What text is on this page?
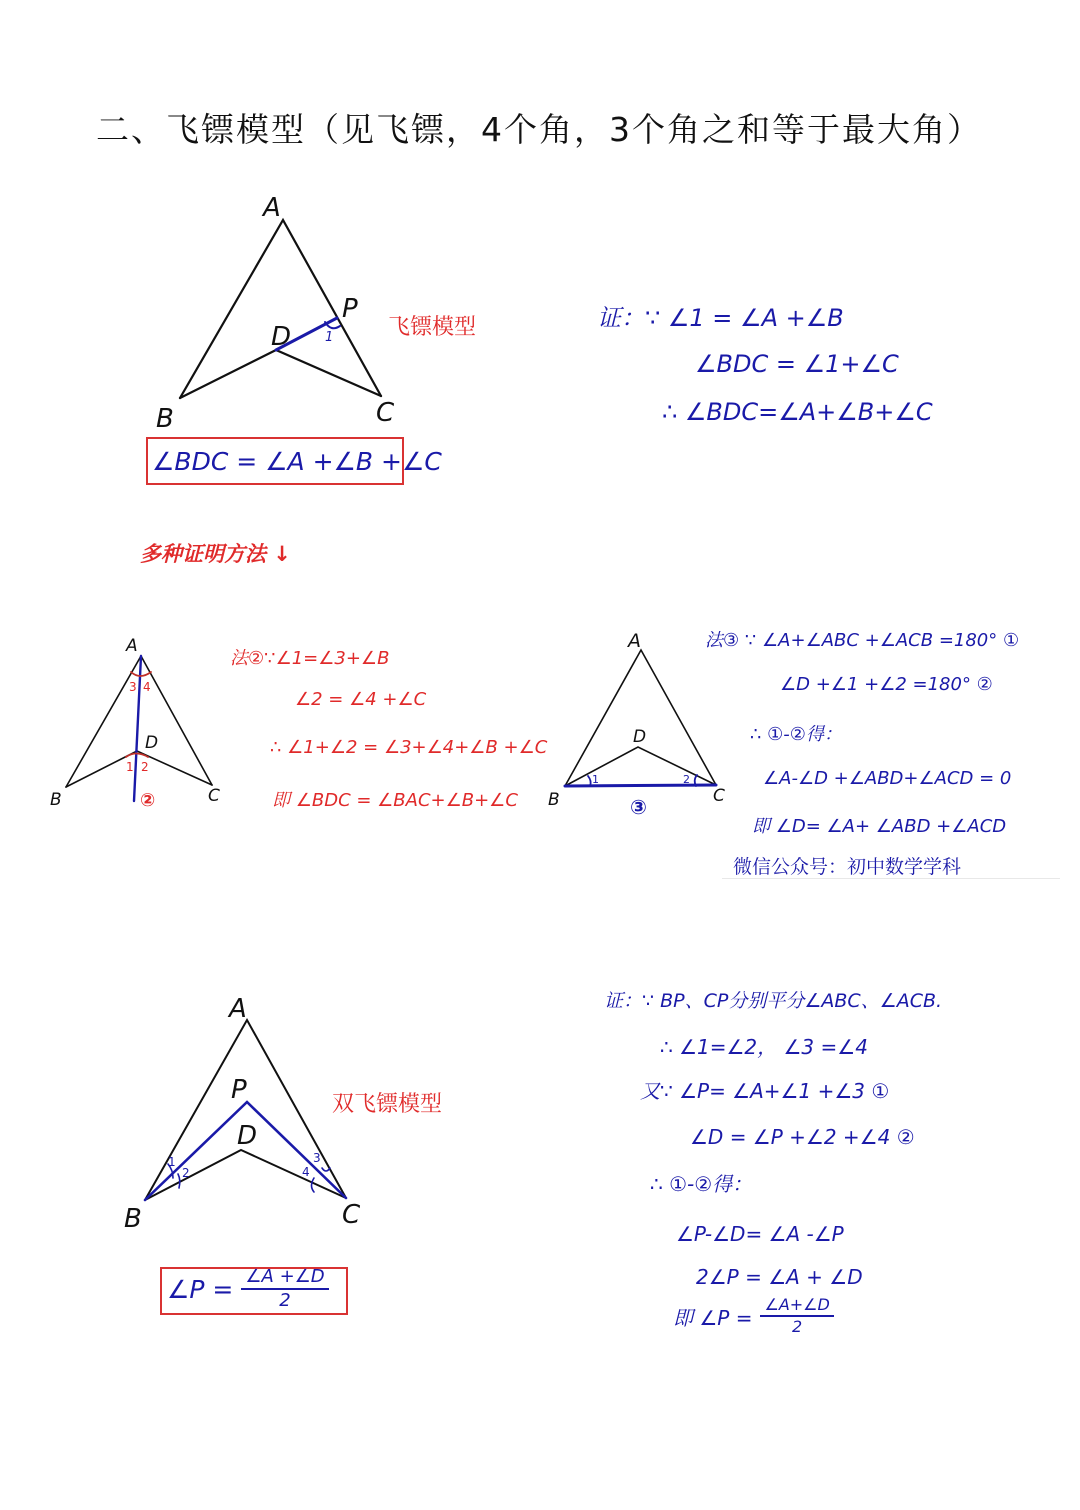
二、飞镖模型（见飞镖，4个角，3个角之和等于最大角）
A
B	C
D
P
1 飞镖模型
∠BDC = ∠A +∠B +∠C
证：∵ ∠1 = ∠A +∠B
∠BDC = ∠1+∠C
∴ ∠BDC=∠A+∠B+∠C
多种证明方法 ↓
A
B	C
D
3 4
1 2
②
法②∵∠1=∠3+∠B
∠2 = ∠4 +∠C
∴ ∠1+∠2 = ∠3+∠4+∠B +∠C
即 ∠BDC = ∠BAC+∠B+∠C
A
B	C
D
1	2
③
法③ ∵ ∠A+∠ABC +∠ACB =180° ①
∠D +∠1 +∠2 =180° ②
∴ ①-②得：
∠A-∠D +∠ABD+∠ACD = 0
即 ∠D= ∠A+ ∠ABD +∠ACD
微信公众号：初中数学学科
A
B	C
D
P
1
2
3
4
双飞镖模型
∠P = $\frac{\angle A +\angle D}{2}$
证：∵ BP、CP分别平分∠ABC、∠ACB.
∴ ∠1=∠2， ∠3 =∠4
又∵ ∠P= ∠A+∠1 +∠3 ①
∠D = ∠P +∠2 +∠4 ②
∴ ①-②得：
∠P-∠D= ∠A -∠P
2∠P = ∠A + ∠D
即 ∠P = $\frac{\angle A+\angle D}{2}$
